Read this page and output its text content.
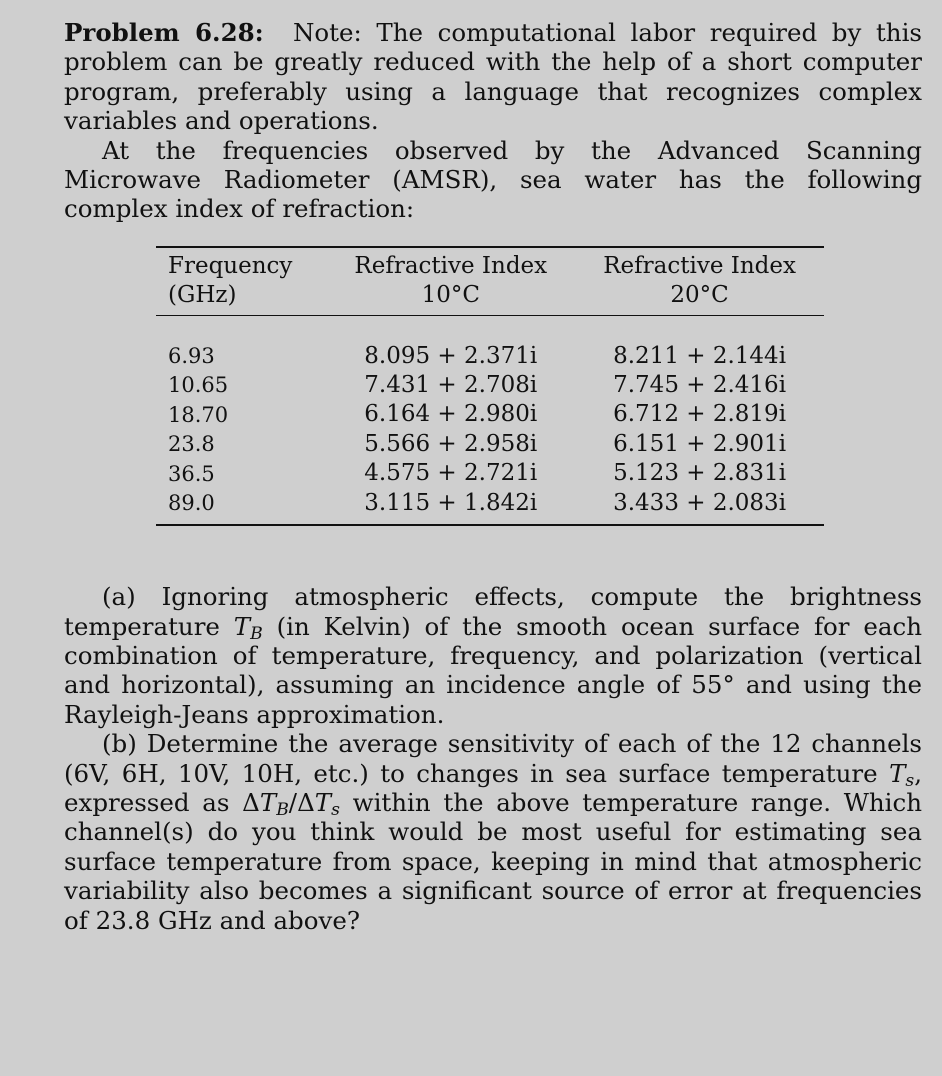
Problem 6.28: Note: The computational labor required by this problem can be greatly reduced with the help of a short computer program, preferably using a language that recognizes complex variables and operations.

At the frequencies observed by the Advanced Scanning Microwave Radiometer (AMSR), sea water has the following complex index of refraction:

Frequency	Refractive Index	Refractive Index
(GHz)	10°C	20°C

6.93	8.095 + 2.371i	8.211 + 2.144i
10.65	7.431 + 2.708i	7.745 + 2.416i
18.70	6.164 + 2.980i	6.712 + 2.819i
23.8	5.566 + 2.958i	6.151 + 2.901i
36.5	4.575 + 2.721i	5.123 + 2.831i
89.0	3.115 + 1.842i	3.433 + 2.083i

(a) Ignoring atmospheric effects, compute the brightness temperature TB (in Kelvin) of the smooth ocean surface for each combination of temperature, frequency, and polarization (vertical and horizontal), assuming an incidence angle of 55° and using the Rayleigh-Jeans approximation.

(b) Determine the average sensitivity of each of the 12 channels (6V, 6H, 10V, 10H, etc.) to changes in sea surface temperature Ts, expressed as ΔTB/ΔTs within the above temperature range. Which channel(s) do you think would be most useful for estimating sea surface temperature from space, keeping in mind that atmospheric variability also becomes a significant source of error at frequencies of 23.8 GHz and above?
